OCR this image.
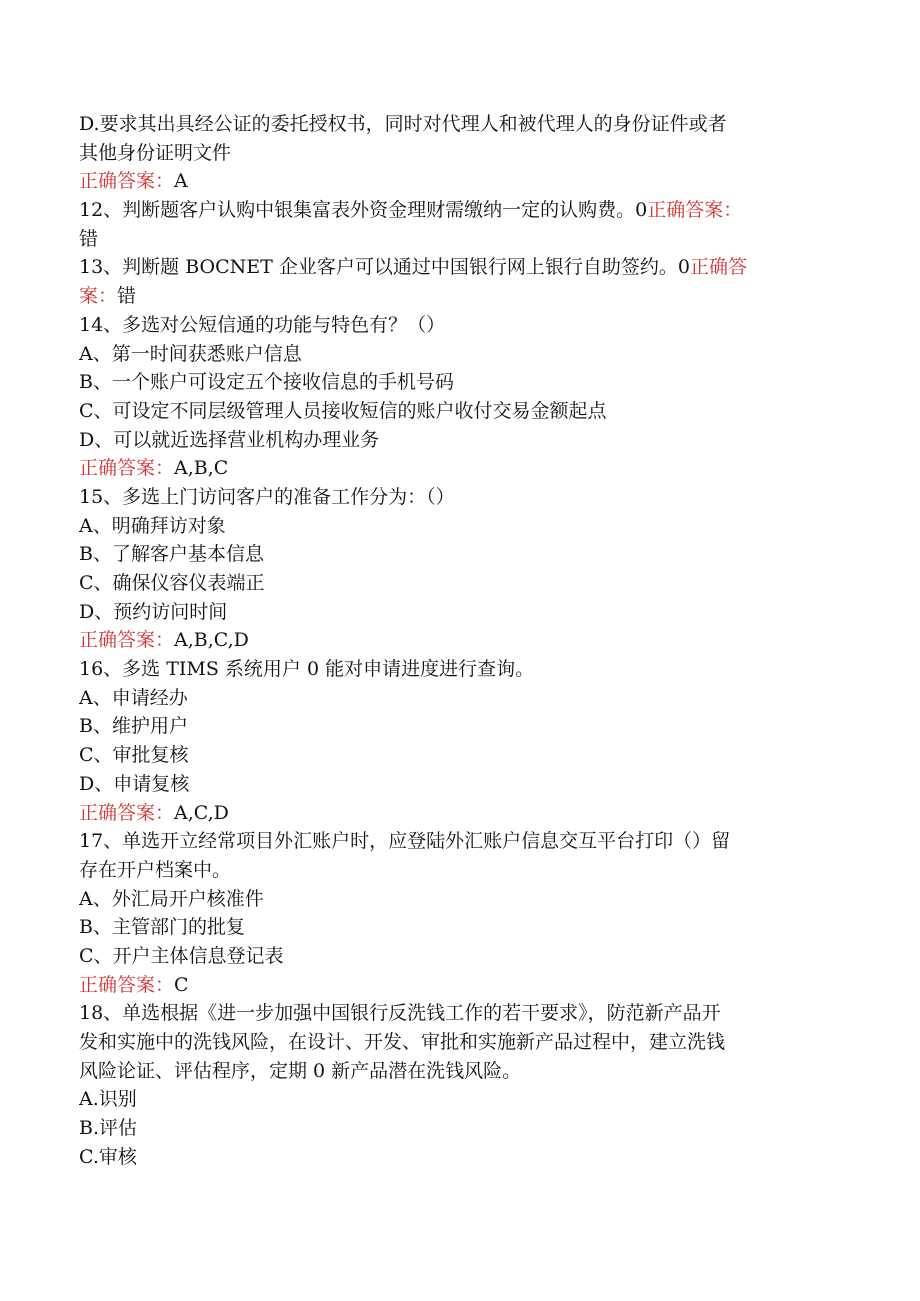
D.要求其出具经公证的委托授权书，同时对代理人和被代理人的身份证件或者
其他身份证明文件
正确答案：A
12、判断题客户认购中银集富表外资金理财需缴纳一定的认购费。0正确答案：
错
13、判断题 BOCNET 企业客户可以通过中国银行网上银行自助签约。0正确答
案：错
14、多选对公短信通的功能与特色有？（）
A、第一时间获悉账户信息
B、一个账户可设定五个接收信息的手机号码
C、可设定不同层级管理人员接收短信的账户收付交易金额起点
D、可以就近选择营业机构办理业务
正确答案：A,B,C
15、多选上门访问客户的准备工作分为：（）
A、明确拜访对象
B、了解客户基本信息
C、确保仪容仪表端正
D、预约访问时间
正确答案：A,B,C,D
16、多选 TIMS 系统用户 0 能对申请进度进行查询。
A、申请经办
B、维护用户
C、审批复核
D、申请复核
正确答案：A,C,D
17、单选开立经常项目外汇账户时，应登陆外汇账户信息交互平台打印（）留
存在开户档案中。
A、外汇局开户核准件
B、主管部门的批复
C、开户主体信息登记表
正确答案：C
18、单选根据《进一步加强中国银行反洗钱工作的若干要求》，防范新产品开
发和实施中的洗钱风险，在设计、开发、审批和实施新产品过程中，建立洗钱
风险论证、评估程序，定期 0 新产品潜在洗钱风险。
A.识别
B.评估
C.审核
